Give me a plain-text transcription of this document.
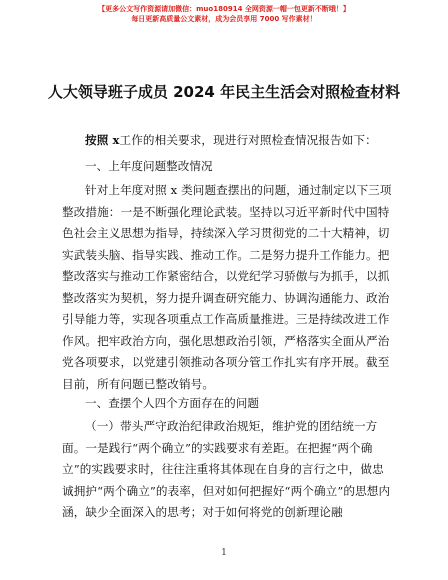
【更多公文写作资源请加微信：muo180914 全网资源一帽一包更新不断哦！】
每日更新高质量公文素材，成为会员享用 7000 写作素材！
人大领导班子成员 2024 年民主生活会对照检查材料

按照 x工作的相关要求，现进行对照检查情况报告如下：

一、上年度问题整改情况

针对上年度对照 x 类问题查摆出的问题，通过制定以下三项整改措施：一是不断强化理论武装。坚持以习近平新时代中国特色社会主义思想为指导，持续深入学习贯彻党的二十大精神，切实武装头脑、指导实践、推动工作。二是努力提升工作能力。把整改落实与推动工作紧密结合，以党纪学习骄傲与为抓手，以抓整改落实为契机，努力提升调查研究能力、协调沟通能力、政治引导能力等，实现各项重点工作高质量推进。三是持续改进工作作风。把牢政治方向，强化思想政治引领，严格落实全面从严治党各项要求，以党建引领推动各项分管工作扎实有序开展。截至目前，所有问题已整改销号。

一、查摆个人四个方面存在的问题

（一）带头严守政治纪律政治规矩，维护党的团结统一方面。一是践行“两个确立”的实践要求有差距。在把握“两个确立”的实践要求时，往往注重将其体现在自身的言行之中，做忠诚拥护“两个确立”的表率，但对如何把握好“两个确立”的思想内涵，缺少全面深入的思考；对于如何将党的创新理论融

1
